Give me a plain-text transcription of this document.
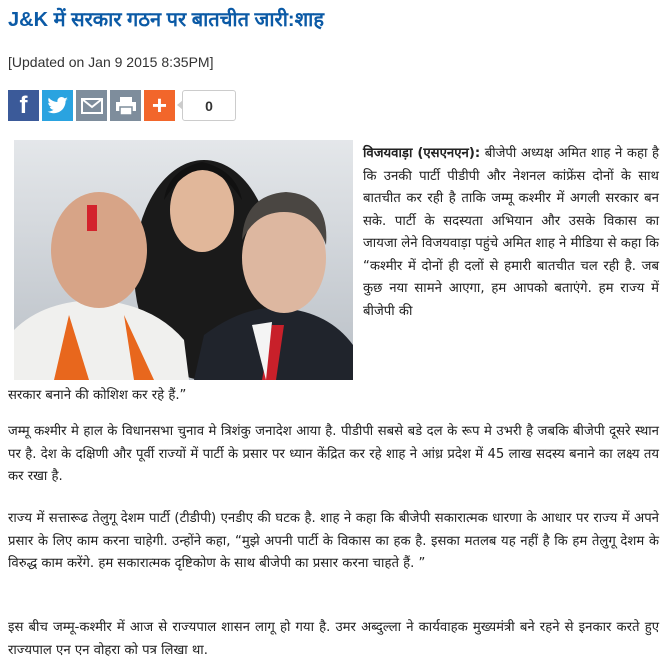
J&K में सरकार गठन पर बातचीत जारी:शाह
[Updated on Jan 9 2015 8:35PM]
f	+	0

विजयवाड़ा (एसएनएन): बीजेपी अध्यक्ष अमित शाह ने कहा है कि उनकी पार्टी पीडीपी और नेशनल कांफ्रेंस दोनों के साथ बातचीत कर रही है ताकि जम्मू कश्मीर में अगली सरकार बन सके. पार्टी के सदस्यता अभियान और उसके विकास का जायजा लेने विजयवाड़ा पहुंचे अमित शाह ने मीडिया से कहा कि “कश्मीर में दोनों ही दलों से हमारी बातचीत चल रही है. जब कुछ नया सामने आएगा, हम आपको बताएंगे. हम राज्य में बीजेपी की

सरकार बनाने की कोशिश कर रहे हैं.”

जम्मू कश्मीर मे हाल के विधानसभा चुनाव मे त्रिशंकु जनादेश आया है. पीडीपी सबसे बडे दल के रूप मे उभरी है जबकि बीजेपी दूसरे स्थान पर है. देश के दक्षिणी और पूर्वी राज्यों में पार्टी के प्रसार पर ध्यान केंद्रित कर रहे शाह ने आंध्र प्रदेश में 45 लाख सदस्य बनाने का लक्ष्य तय कर रखा है.

राज्य में सत्तारूढ तेलुगू देशम पार्टी (टीडीपी) एनडीए की घटक है. शाह ने कहा कि बीजेपी सकारात्मक धारणा के आधार पर राज्य में अपने प्रसार के लिए काम करना चाहेगी. उन्होंने कहा, “मुझे अपनी पार्टी के विकास का हक है. इसका मतलब यह नहीं है कि हम तेलुगू देशम के विरुद्ध काम करेंगे. हम सकारात्मक दृष्टिकोण के साथ बीजेपी का प्रसार करना चाहते हैं. ”

इस बीच जम्मू-कश्मीर में आज से राज्यपाल शासन लागू हो गया है. उमर अब्दुल्ला ने कार्यवाहक मुख्यमंत्री बने रहने से इनकार करते हुए राज्यपाल एन एन वोहरा को पत्र लिखा था.
